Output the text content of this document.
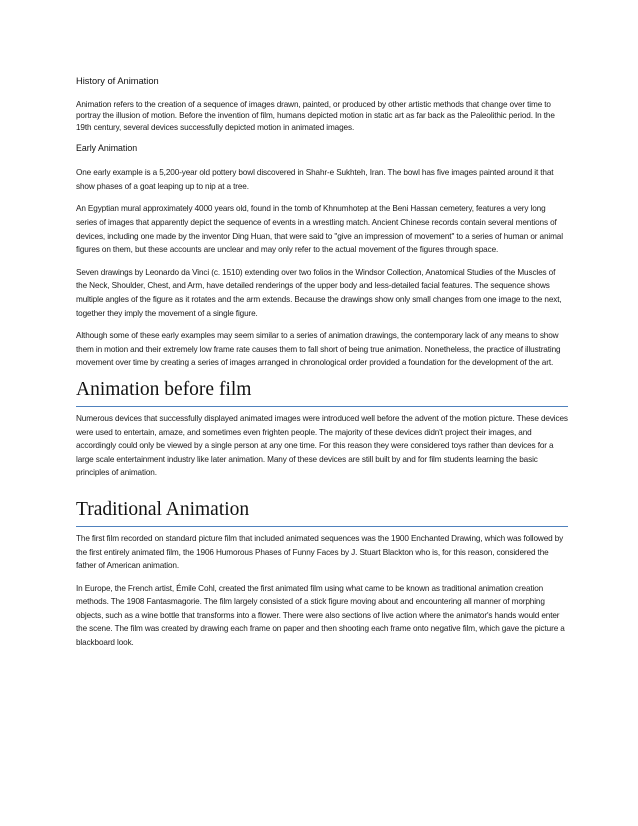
History of Animation

Animation refers to the creation of a sequence of images drawn, painted, or produced by other artistic methods that change over time to portray the illusion of motion. Before the invention of film, humans depicted motion in static art as far back as the Paleolithic period. In the 19th century, several devices successfully depicted motion in animated images.

Early Animation

One early example is a 5,200-year old pottery bowl discovered in Shahr-e Sukhteh, Iran. The bowl has five images painted around it that show phases of a goat leaping up to nip at a tree.

An Egyptian mural approximately 4000 years old, found in the tomb of Khnumhotep at the Beni Hassan cemetery, features a very long series of images that apparently depict the sequence of events in a wrestling match. Ancient Chinese records contain several mentions of devices, including one made by the inventor Ding Huan, that were said to "give an impression of movement" to a series of human or animal figures on them, but these accounts are unclear and may only refer to the actual movement of the figures through space.

Seven drawings by Leonardo da Vinci (c. 1510) extending over two folios in the Windsor Collection, Anatomical Studies of the Muscles of the Neck, Shoulder, Chest, and Arm, have detailed renderings of the upper body and less-detailed facial features. The sequence shows multiple angles of the figure as it rotates and the arm extends. Because the drawings show only small changes from one image to the next, together they imply the movement of a single figure.

Although some of these early examples may seem similar to a series of animation drawings, the contemporary lack of any means to show them in motion and their extremely low frame rate causes them to fall short of being true animation. Nonetheless, the practice of illustrating movement over time by creating a series of images arranged in chronological order provided a foundation for the development of the art.

Animation before film

Numerous devices that successfully displayed animated images were introduced well before the advent of the motion picture. These devices were used to entertain, amaze, and sometimes even frighten people. The majority of these devices didn't project their images, and accordingly could only be viewed by a single person at any one time. For this reason they were considered toys rather than devices for a large scale entertainment industry like later animation. Many of these devices are still built by and for film students learning the basic principles of animation.

Traditional Animation

The first film recorded on standard picture film that included animated sequences was the 1900 Enchanted Drawing, which was followed by the first entirely animated film, the 1906 Humorous Phases of Funny Faces by J. Stuart Blackton who is, for this reason, considered the father of American animation.

In Europe, the French artist, Émile Cohl, created the first animated film using what came to be known as traditional animation creation methods. The 1908 Fantasmagorie. The film largely consisted of a stick figure moving about and encountering all manner of morphing objects, such as a wine bottle that transforms into a flower. There were also sections of live action where the animator's hands would enter the scene. The film was created by drawing each frame on paper and then shooting each frame onto negative film, which gave the picture a blackboard look.
